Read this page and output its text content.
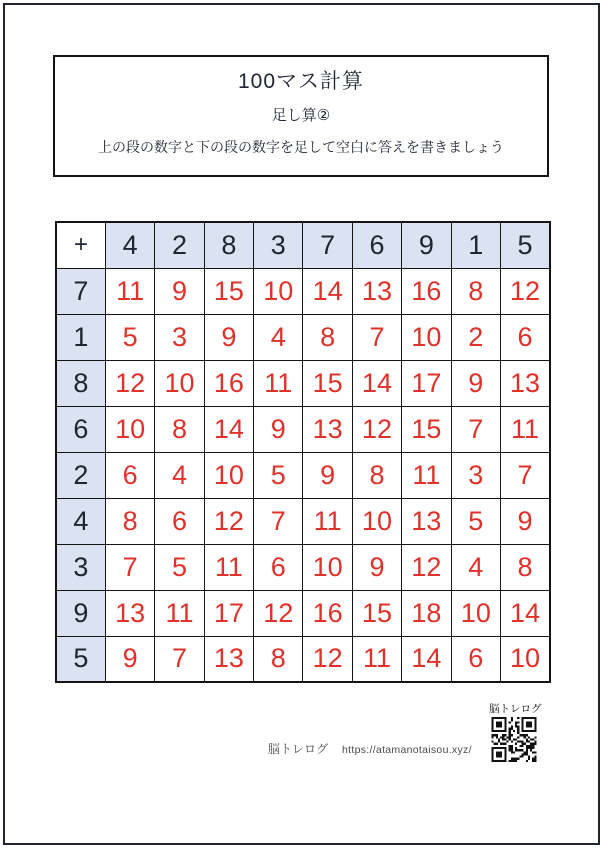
100マス計算
足し算②
上の段の数字と下の段の数字を足して空白に答えを書きましょう
+	4	2	8	3	7	6	9	1	5
7	11	9	15	10	14	13	16	8	12
1	5	3	9	4	8	7	10	2	6
8	12	10	16	11	15	14	17	9	13
6	10	8	14	9	13	12	15	7	11
2	6	4	10	5	9	8	11	3	7
4	8	6	12	7	11	10	13	5	9
3	7	5	11	6	10	9	12	4	8
9	13	11	17	12	16	15	18	10	14
5	9	7	13	8	12	11	14	6	10
脳トレログ https://atamanotaisou.xyz/
脳トレログ
